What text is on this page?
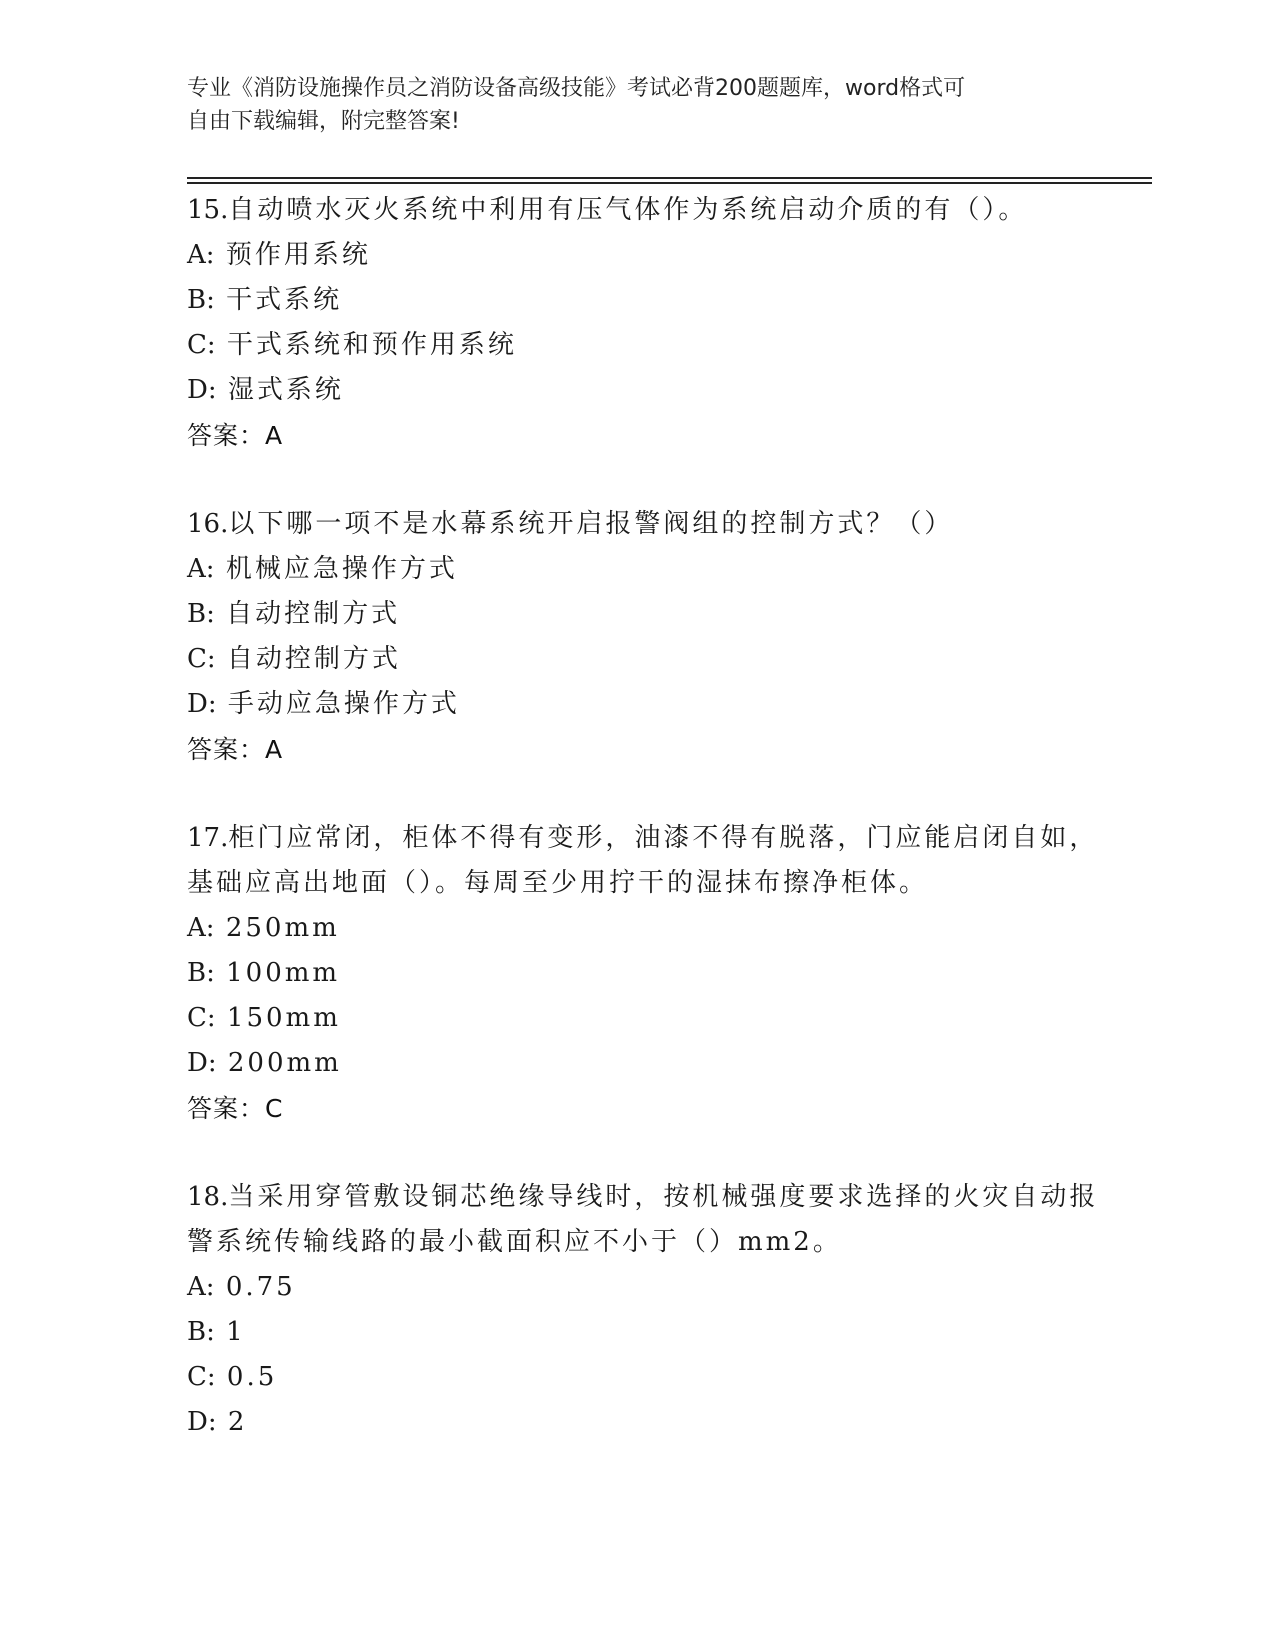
专业《消防设施操作员之消防设备高级技能》考试必背200题题库，word格式可
自由下载编辑，附完整答案!
15.自动喷水灭火系统中利用有压气体作为系统启动介质的有（）。
A: 预作用系统
B: 干式系统
C: 干式系统和预作用系统
D: 湿式系统
答案：A
16.以下哪一项不是水幕系统开启报警阀组的控制方式？（）
A: 机械应急操作方式
B: 自动控制方式
C: 自动控制方式
D: 手动应急操作方式
答案：A
17.柜门应常闭，柜体不得有变形，油漆不得有脱落，门应能启闭自如，基础应高出地面（）。每周至少用拧干的湿抹布擦净柜体。
A: 250mm
B: 100mm
C: 150mm
D: 200mm
答案：C
18.当采用穿管敷设铜芯绝缘导线时，按机械强度要求选择的火灾自动报警系统传输线路的最小截面积应不小于（）mm2。
A: 0.75
B: 1
C: 0.5
D: 2
